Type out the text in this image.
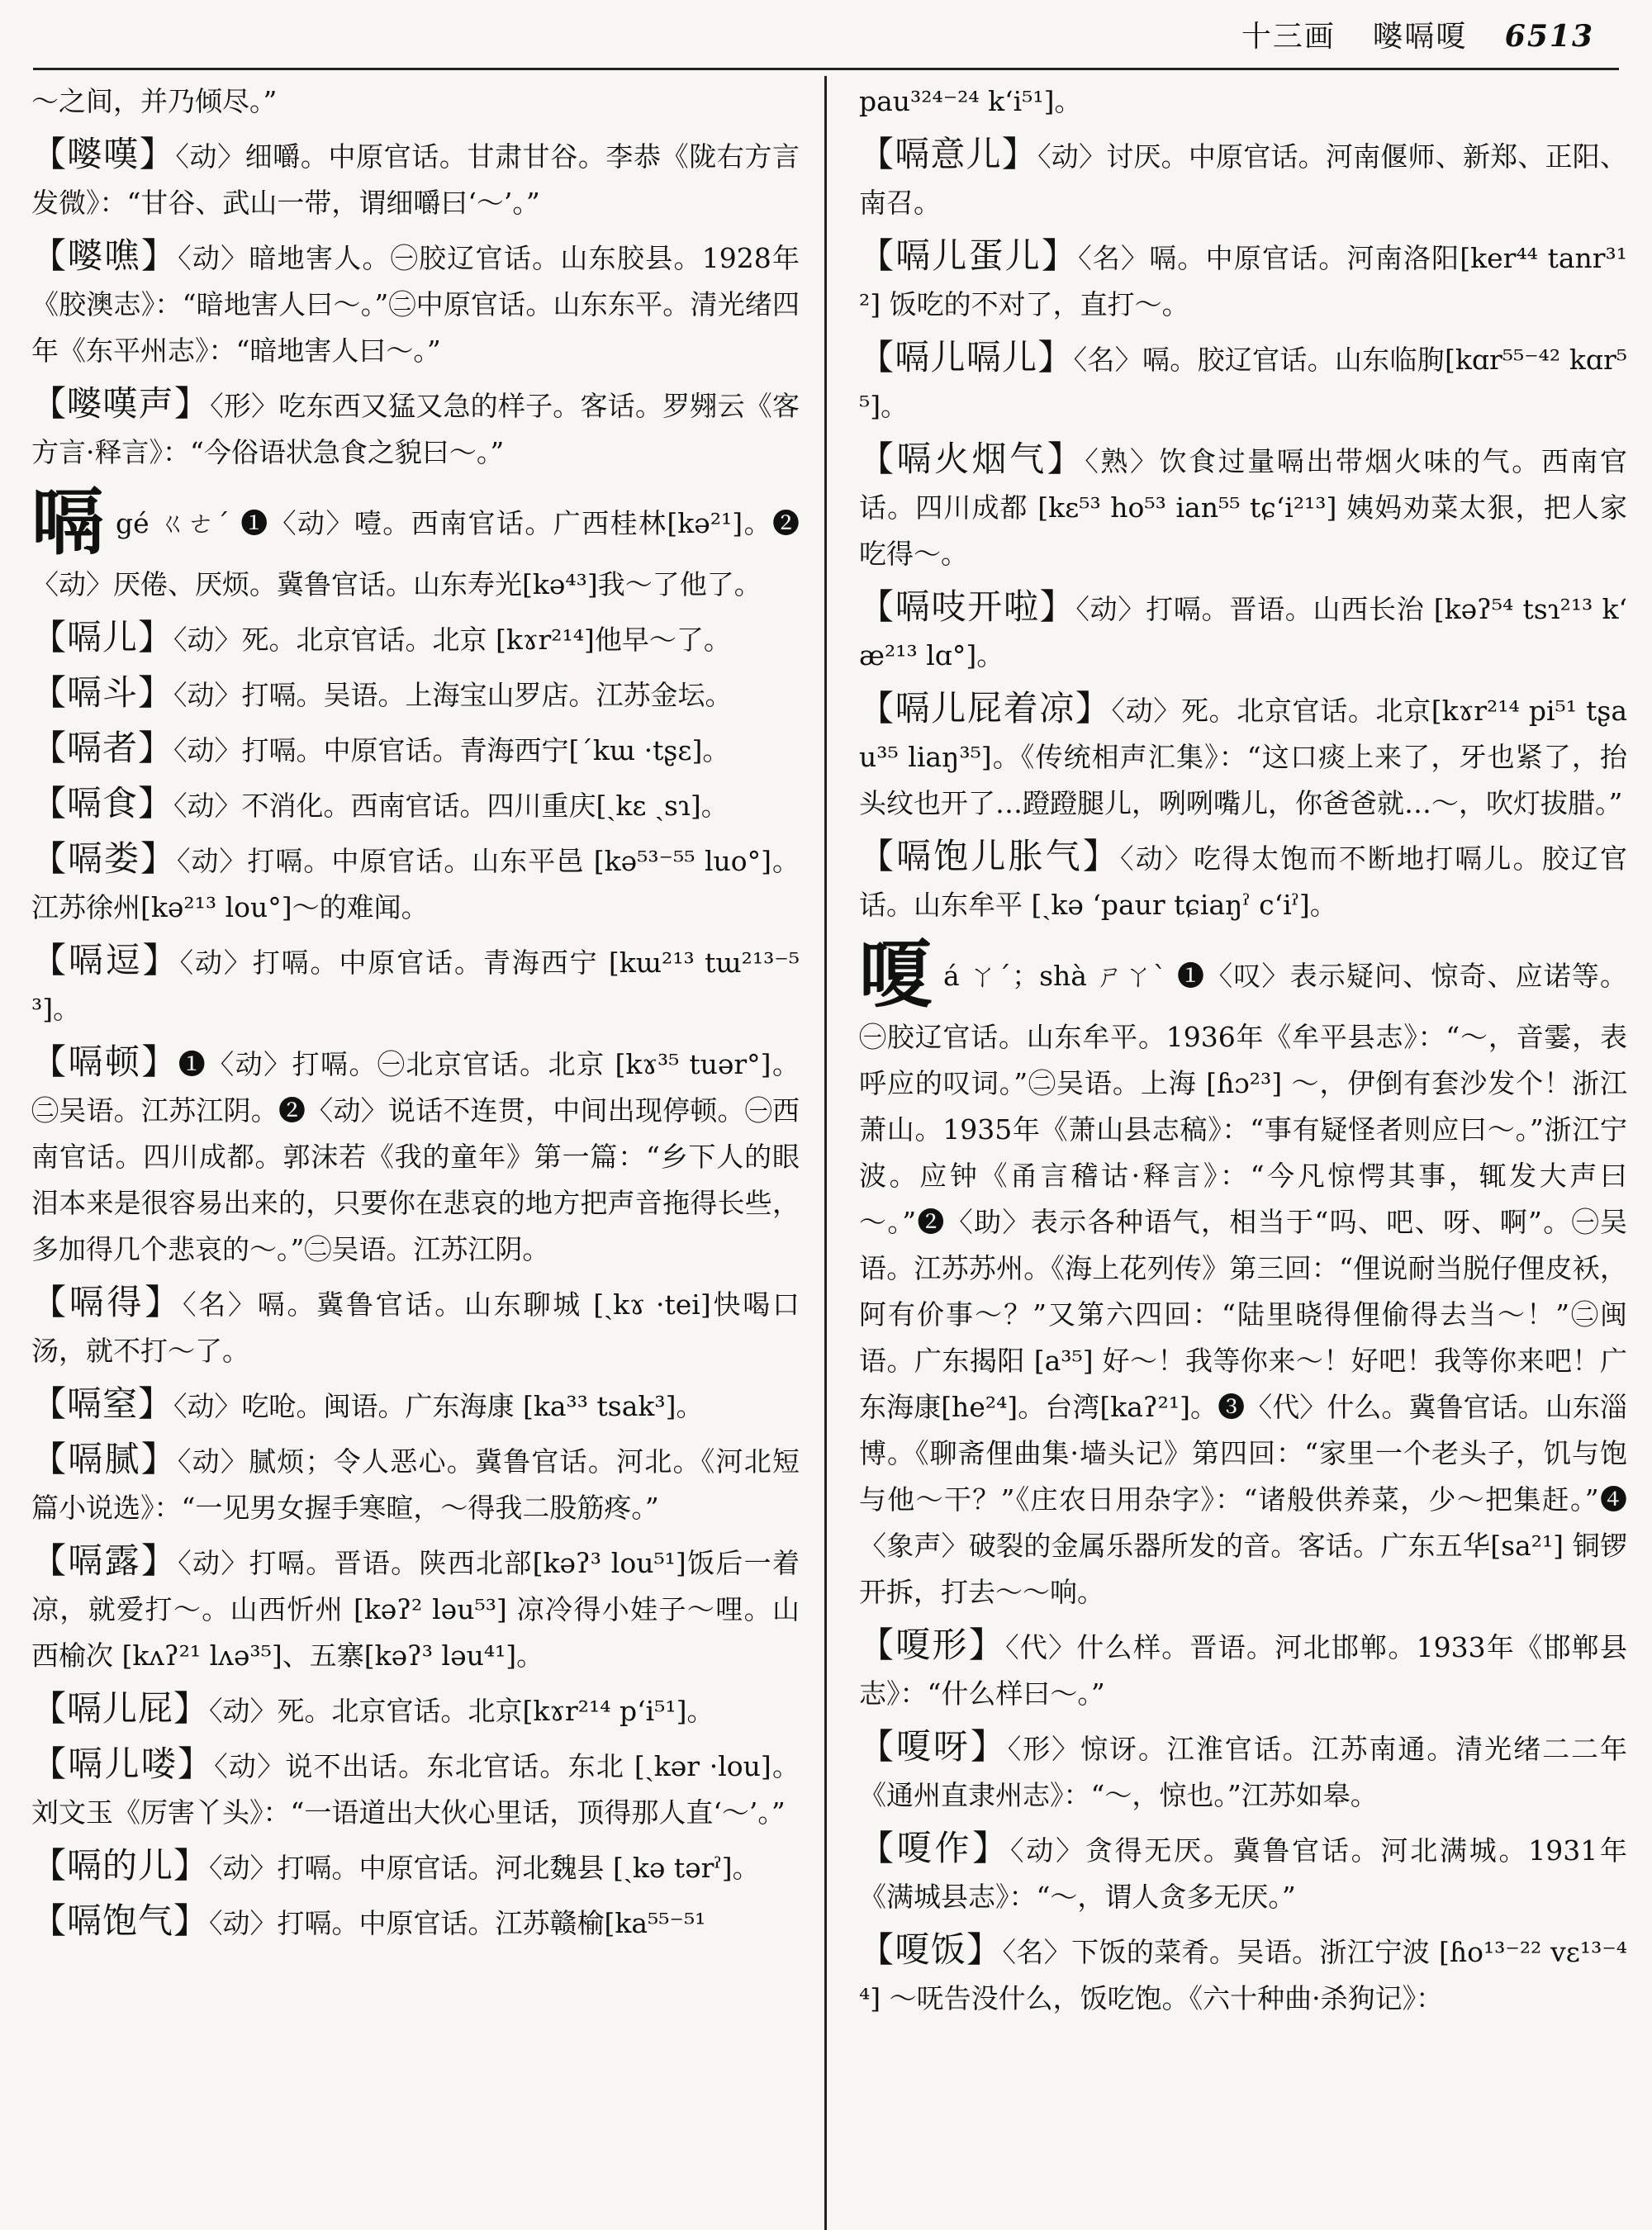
十三画 嘙嗝嗄 6513
～之间，并乃倾尽。”
【嘙嘆】〈动〉细嚼。中原官话。甘肃甘谷。李恭《陇右方言发微》：“甘谷、武山一带，谓细嚼曰‘～’。”
【嘙噍】〈动〉暗地害人。㊀胶辽官话。山东胶县。1928年《胶澳志》：“暗地害人曰～。”㊁中原官话。山东东平。清光绪四年《东平州志》：“暗地害人曰～。”
【嘙嘆声】〈形〉吃东西又猛又急的样子。客话。罗翙云《客方言·释言》：“今俗语状急食之貌曰～。”
嗝gé ㄍㄜˊ ❶〈动〉噎。西南官话。广西桂林[kə²¹]。❷〈动〉厌倦、厌烦。冀鲁官话。山东寿光[kə⁴³]我～了他了。
【嗝儿】〈动〉死。北京官话。北京 [kɤr²¹⁴]他早～了。
【嗝斗】〈动〉打嗝。吴语。上海宝山罗店。江苏金坛。
【嗝者】〈动〉打嗝。中原官话。青海西宁[ˊkɯ ·tʂɛ]。
【嗝食】〈动〉不消化。西南官话。四川重庆[ˏkɛ ˏsɿ]。
【嗝娄】〈动〉打嗝。中原官话。山东平邑 [kə⁵³⁻⁵⁵ luo°]。江苏徐州[kə²¹³ lou°]～的难闻。
【嗝逗】〈动〉打嗝。中原官话。青海西宁 [kɯ²¹³ tɯ²¹³⁻⁵³]。
【嗝顿】❶〈动〉打嗝。㊀北京官话。北京 [kɤ³⁵ tuər°]。㊁吴语。江苏江阴。❷〈动〉说话不连贯，中间出现停顿。㊀西南官话。四川成都。郭沫若《我的童年》第一篇：“乡下人的眼泪本来是很容易出来的，只要你在悲哀的地方把声音拖得长些，多加得几个悲哀的～。”㊁吴语。江苏江阴。
【嗝得】〈名〉嗝。冀鲁官话。山东聊城 [ˏkɤ ·tei]快喝口汤，就不打～了。
【嗝窒】〈动〉吃呛。闽语。广东海康 [ka³³ tsak³]。
【嗝腻】〈动〉腻烦；令人恶心。冀鲁官话。河北。《河北短篇小说选》：“一见男女握手寒暄，～得我二股筋疼。”
【嗝露】〈动〉打嗝。晋语。陕西北部[kəʔ³ lou⁵¹]饭后一着凉，就爱打～。山西忻州 [kəʔ² ləu⁵³] 凉冷得小娃子～哩。山西榆次 [kʌʔ²¹ lʌə³⁵]、五寨[kəʔ³ ləu⁴¹]。
【嗝儿屁】〈动〉死。北京官话。北京[kɤr²¹⁴ pʻi⁵¹]。
【嗝儿喽】〈动〉说不出话。东北官话。东北 [ˏkər ·lou]。刘文玉《厉害丫头》：“一语道出大伙心里话，顶得那人直‘～’。”
【嗝的儿】〈动〉打嗝。中原官话。河北魏县 [ˏkə tərˀ]。
【嗝饱气】〈动〉打嗝。中原官话。江苏赣榆[ka⁵⁵⁻⁵¹
pau³²⁴⁻²⁴ kʻi⁵¹]。
【嗝意儿】〈动〉讨厌。中原官话。河南偃师、新郑、正阳、南召。
【嗝儿蛋儿】〈名〉嗝。中原官话。河南洛阳[ker⁴⁴ tanr³¹²] 饭吃的不对了，直打～。
【嗝儿嗝儿】〈名〉嗝。胶辽官话。山东临朐[kɑr⁵⁵⁻⁴² kɑr⁵⁵]。
【嗝火烟气】〈熟〉饮食过量嗝出带烟火味的气。西南官话。四川成都 [kɛ⁵³ ho⁵³ ian⁵⁵ tɕʻi²¹³] 姨妈劝菜太狠，把人家吃得～。
【嗝吱开啦】〈动〉打嗝。晋语。山西长治 [kəʔ⁵⁴ tsɿ²¹³ kʻæ²¹³ lɑ°]。
【嗝儿屁着凉】〈动〉死。北京官话。北京[kɤr²¹⁴ pi⁵¹ tʂau³⁵ liaŋ³⁵]。《传统相声汇集》：“这口痰上来了，牙也紧了，抬头纹也开了…蹬蹬腿儿，咧咧嘴儿，你爸爸就…～，吹灯拔腊。”
【嗝饱儿胀气】〈动〉吃得太饱而不断地打嗝儿。胶辽官话。山东牟平 [ˏkə ʻpaur tɕiaŋˀ cʻiˀ]。
嗄á ㄚˊ；shà ㄕㄚˋ ❶〈叹〉表示疑问、惊奇、应诺等。㊀胶辽官话。山东牟平。1936年《牟平县志》：“～，音霎，表呼应的叹词。”㊁吴语。上海 [ɦɔ²³] ～，伊倒有套沙发个！浙江萧山。1935年《萧山县志稿》：“事有疑怪者则应曰～。”浙江宁波。应钟《甬言稽诂·释言》：“今凡惊愕其事，辄发大声曰～。”❷〈助〉表示各种语气，相当于“吗、吧、呀、啊”。㊀吴语。江苏苏州。《海上花列传》第三回：“俚说耐当脱仔俚皮袄，阿有价事～？”又第六四回：“陆里晓得俚偷得去当～！”㊁闽语。广东揭阳 [a³⁵] 好～！我等你来～！好吧！我等你来吧！广东海康[he²⁴]。台湾[kaʔ²¹]。❸〈代〉什么。冀鲁官话。山东淄博。《聊斋俚曲集·墙头记》第四回：“家里一个老头子，饥与饱与他～干？”《庄农日用杂字》：“诸般供养菜，少～把集赶。”❹〈象声〉破裂的金属乐器所发的音。客话。广东五华[sa²¹] 铜锣开拆，打去～～响。
【嗄形】〈代〉什么样。晋语。河北邯郸。1933年《邯郸县志》：“什么样曰～。”
【嗄呀】〈形〉惊讶。江淮官话。江苏南通。清光绪二二年《通州直隶州志》：“～，惊也。”江苏如皋。
【嗄作】〈动〉贪得无厌。冀鲁官话。河北满城。1931年《满城县志》：“～，谓人贪多无厌。”
【嗄饭】〈名〉下饭的菜肴。吴语。浙江宁波 [ɦo¹³⁻²² vɛ¹³⁻⁴⁴] ～呒告没什么，饭吃饱。《六十种曲·杀狗记》：
